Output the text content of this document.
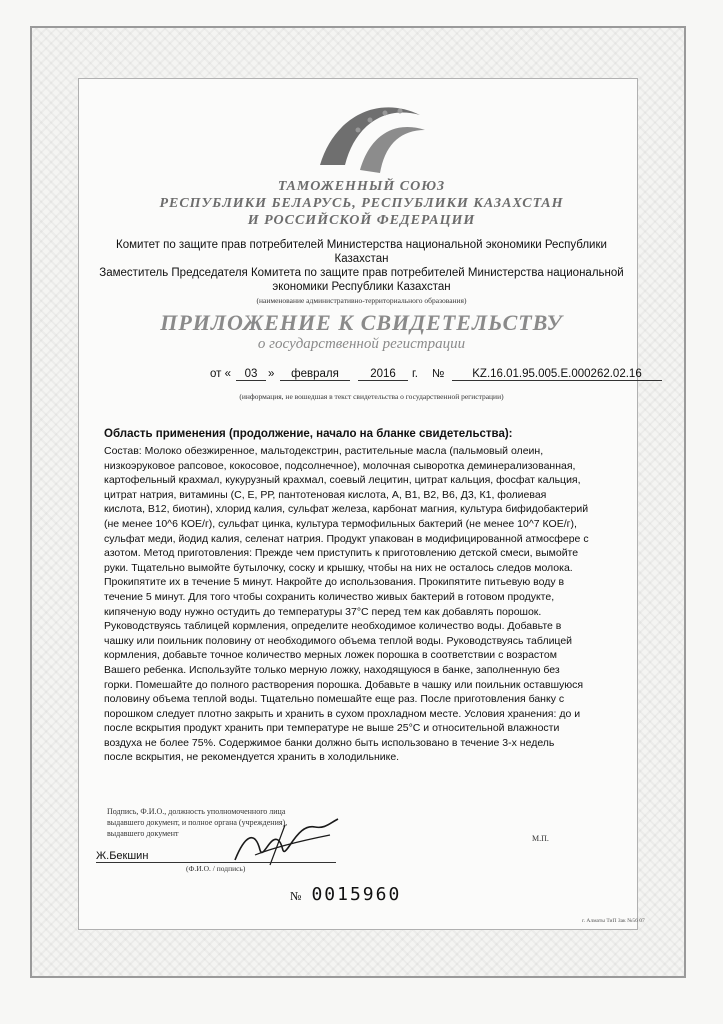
ТАМОЖЕННЫЙ СОЮЗ
РЕСПУБЛИКИ БЕЛАРУСЬ, РЕСПУБЛИКИ КАЗАХСТАН
И РОССИЙСКОЙ ФЕДЕРАЦИИ
Комитет по защите прав потребителей Министерства национальной экономики Республики
Казахстан
Заместитель Председателя Комитета по защите прав потребителей Министерства национальной
экономики Республики Казахстан
(наименование административно-территориального образования)
ПРИЛОЖЕНИЕ К СВИДЕТЕЛЬСТВУ
о государственной регистрации
от «	03 »	февраля	2016	г. №	KZ.16.01.95.005.E.000262.02.16
(информация, не вошедшая в текст свидетельства о государственной регистрации)
Область применения (продолжение, начало на бланке свидетельства):
Состав: Молоко обезжиренное, мальтодекстрин, растительные масла (пальмовый олеин,
низкоэруковое рапсовое, кокосовое, подсолнечное), молочная сыворотка деминерализованная,
картофельный крахмал, кукурузный крахмал, соевый лецитин, цитрат кальция, фосфат кальция,
цитрат натрия, витамины (С, Е, РР, пантотеновая кислота, А, В1, В2, В6, Д3, К1, фолиевая
кислота, В12, биотин), хлорид калия, сульфат железа, карбонат магния, культура бифидобактерий
(не менее 10^6 КОЕ/г), сульфат цинка, культура термофильных бактерий (не менее 10^7 КОЕ/г),
сульфат меди, йодид калия, селенат натрия. Продукт упакован в модифицированной атмосфере с
азотом. Метод приготовления: Прежде чем приступить к приготовлению детской смеси, вымойте
руки. Тщательно вымойте бутылочку, соску и крышку, чтобы на них не осталось следов молока.
Прокипятите их в течение 5 минут. Накройте до использования. Прокипятите питьевую воду в
течение 5 минут. Для того чтобы сохранить количество живых бактерий в готовом продукте,
кипяченую воду нужно остудить до температуры 37°С перед тем как добавлять порошок.
Руководствуясь таблицей кормления, определите необходимое количество воды. Добавьте в
чашку или поильник половину от необходимого объема теплой воды. Руководствуясь таблицей
кормления, добавьте точное количество мерных ложек порошка в соответствии с возрастом
Вашего ребенка. Используйте только мерную ложку, находящуюся в банке, заполненную без
горки. Помешайте до полного растворения порошка. Добавьте в чашку или поильник оставшуюся
половину объема теплой воды. Тщательно помешайте еще раз. После приготовления банку с
порошком следует плотно закрыть и хранить в сухом прохладном месте. Условия хранения: до и
после вскрытия продукт хранить при температуре не выше 25°С и относительной влажности
воздуха не более 75%. Содержимое банки должно быть использовано в течение 3-х недель
после вскрытия, не рекомендуется хранить в холодильнике.
Подпись, Ф.И.О., должность уполномоченного лица
выдавшего документ, и полное органа (учреждения),
выдавшего документ
М.П.
Ж.Бекшин
(Ф.И.О. / подпись)
№ 0015960
г. Алматы ТиП Зак №56 07
